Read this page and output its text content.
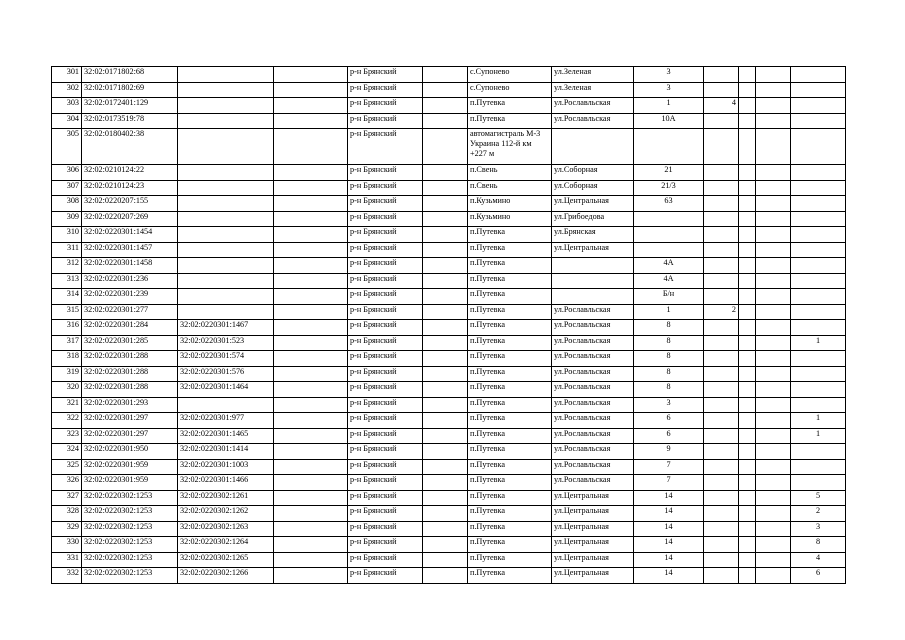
301	32:02:0171802:68			р-н Брянский		с.Супонево	ул.Зеленая	3				
302	32:02:0171802:69			р-н Брянский		с.Супонево	ул.Зеленая	3				
303	32:02:0172401:129			р-н Брянский		п.Путевка	ул.Рославльская	1	4			
304	32:02:0173519:78			р-н Брянский		п.Путевка	ул.Рославльская	10А				
305	32:02:0180402:38			р-н Брянский		автомагистраль М-3 Украина 112-й км +227 м						
306	32:02:0210124:22			р-н Брянский		п.Свень	ул.Соборная	21				
307	32:02:0210124:23			р-н Брянский		п.Свень	ул.Соборная	21/3				
308	32:02:0220207:155			р-н Брянский		п.Кузьмино	ул.Центральная	63				
309	32:02:0220207:269			р-н Брянский		п.Кузьмино	ул.Грибоедова					
310	32:02:0220301:1454			р-н Брянский		п.Путевка	ул.Брянская					
311	32:02:0220301:1457			р-н Брянский		п.Путевка	ул.Центральная					
312	32:02:0220301:1458			р-н Брянский		п.Путевка		4А				
313	32:02:0220301:236			р-н Брянский		п.Путевка		4А				
314	32:02:0220301:239			р-н Брянский		п.Путевка		Б/н				
315	32:02:0220301:277			р-н Брянский		п.Путевка	ул.Рославльская	1	2			
316	32:02:0220301:284	32:02:0220301:1467		р-н Брянский		п.Путевка	ул.Рославльская	8				
317	32:02:0220301:285	32:02:0220301:523		р-н Брянский		п.Путевка	ул.Рославльская	8				1
318	32:02:0220301:288	32:02:0220301:574		р-н Брянский		п.Путевка	ул.Рославльская	8				
319	32:02:0220301:288	32:02:0220301:576		р-н Брянский		п.Путевка	ул.Рославльская	8				
320	32:02:0220301:288	32:02:0220301:1464		р-н Брянский		п.Путевка	ул.Рославльская	8				
321	32:02:0220301:293			р-н Брянский		п.Путевка	ул.Рославльская	3				
322	32:02:0220301:297	32:02:0220301:977		р-н Брянский		п.Путевка	ул.Рославльская	6				1
323	32:02:0220301:297	32:02:0220301:1465		р-н Брянский		п.Путевка	ул.Рославльская	6				1
324	32:02:0220301:950	32:02:0220301:1414		р-н Брянский		п.Путевка	ул.Рославльская	9				
325	32:02:0220301:959	32:02:0220301:1003		р-н Брянский		п.Путевка	ул.Рославльская	7				
326	32:02:0220301:959	32:02:0220301:1466		р-н Брянский		п.Путевка	ул.Рославльская	7				
327	32:02:0220302:1253	32:02:0220302:1261		р-н Брянский		п.Путевка	ул.Центральная	14				5
328	32:02:0220302:1253	32:02:0220302:1262		р-н Брянский		п.Путевка	ул.Центральная	14				2
329	32:02:0220302:1253	32:02:0220302:1263		р-н Брянский		п.Путевка	ул.Центральная	14				3
330	32:02:0220302:1253	32:02:0220302:1264		р-н Брянский		п.Путевка	ул.Центральная	14				8
331	32:02:0220302:1253	32:02:0220302:1265		р-н Брянский		п.Путевка	ул.Центральная	14				4
332	32:02:0220302:1253	32:02:0220302:1266		р-н Брянский		п.Путевка	ул.Центральная	14				6
